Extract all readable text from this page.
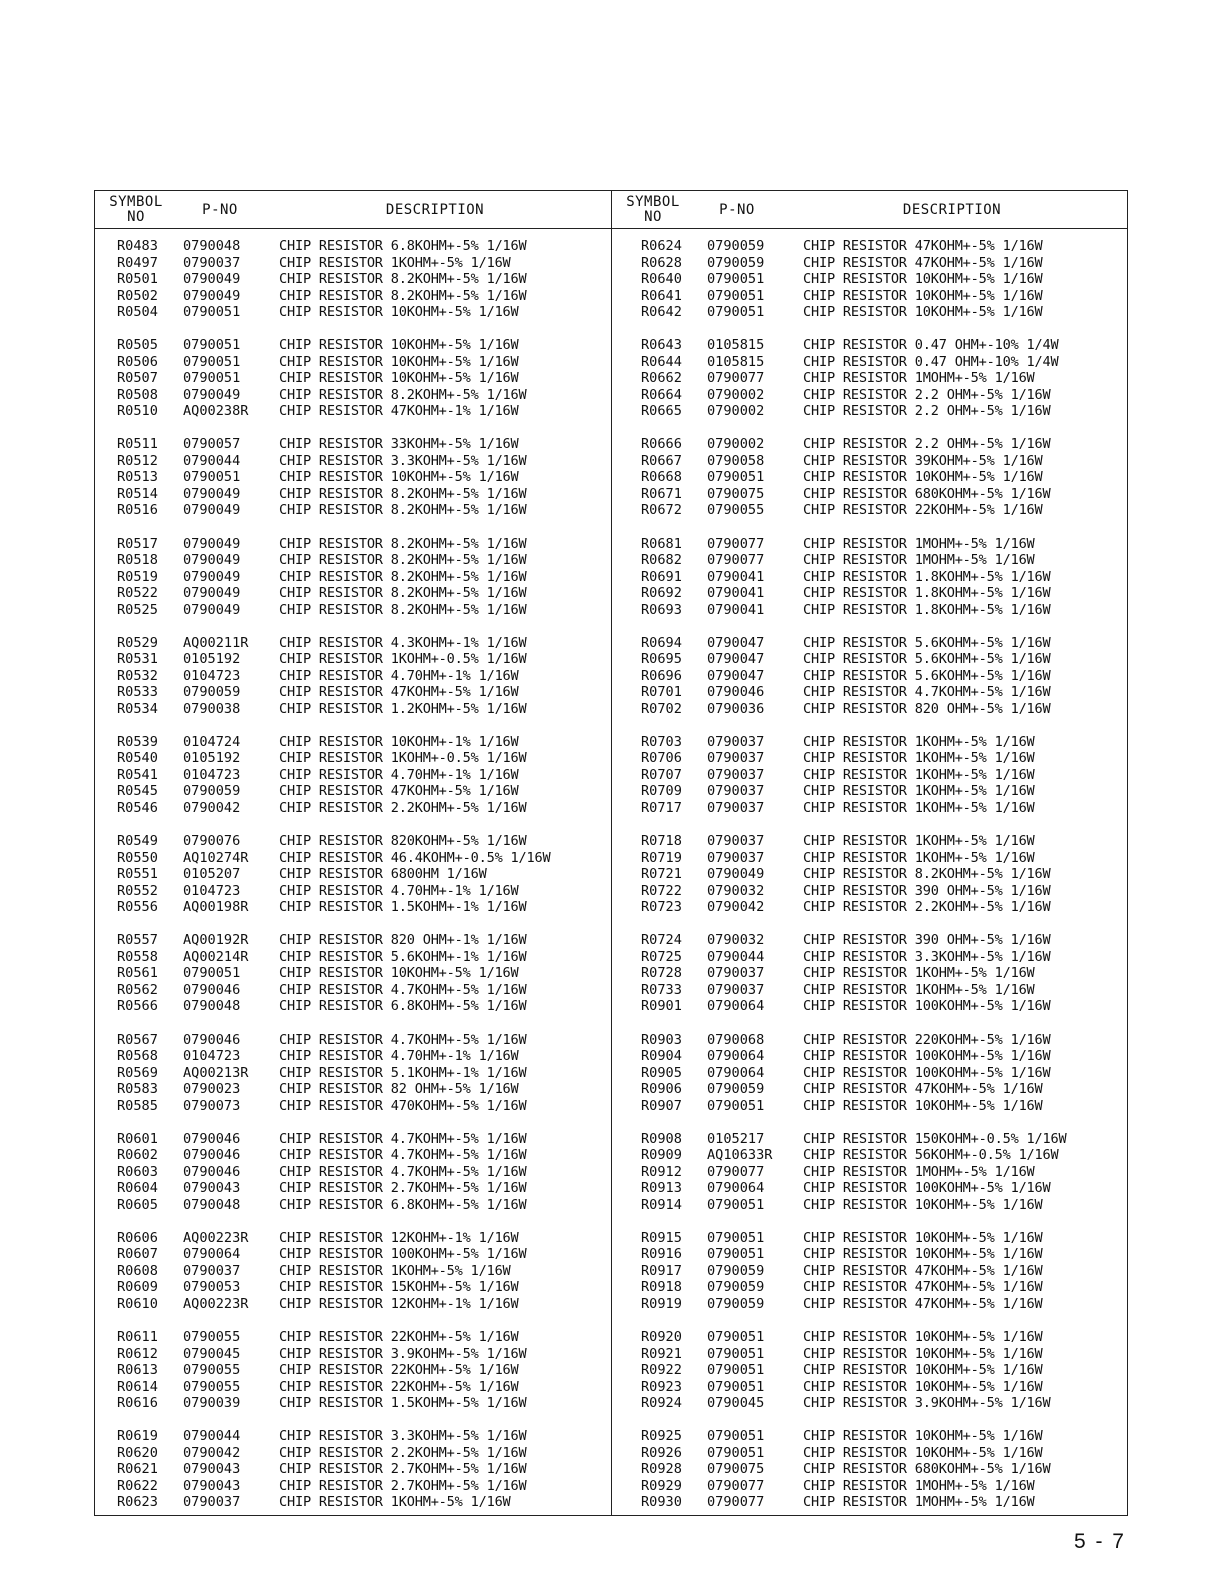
SYMBOL
NO	P-NO	DESCRIPTION	SYMBOL
NO	P-NO	DESCRIPTION
R0483 0790048	CHIP RESISTOR 6.8KOHM+-5% 1/16W
R0497 0790037	CHIP RESISTOR 1KOHM+-5% 1/16W
R0501 0790049	CHIP RESISTOR 8.2KOHM+-5% 1/16W
R0502 0790049	CHIP RESISTOR 8.2KOHM+-5% 1/16W
R0504 0790051	CHIP RESISTOR 10KOHM+-5% 1/16W
R0505 0790051	CHIP RESISTOR 10KOHM+-5% 1/16W
R0506 0790051	CHIP RESISTOR 10KOHM+-5% 1/16W
R0507 0790051	CHIP RESISTOR 10KOHM+-5% 1/16W
R0508 0790049	CHIP RESISTOR 8.2KOHM+-5% 1/16W
R0510 AQ00238R CHIP RESISTOR 47KOHM+-1% 1/16W
R0511 0790057	CHIP RESISTOR 33KOHM+-5% 1/16W
R0512 0790044	CHIP RESISTOR 3.3KOHM+-5% 1/16W
R0513 0790051	CHIP RESISTOR 10KOHM+-5% 1/16W
R0514 0790049	CHIP RESISTOR 8.2KOHM+-5% 1/16W
R0516 0790049	CHIP RESISTOR 8.2KOHM+-5% 1/16W
R0517 0790049	CHIP RESISTOR 8.2KOHM+-5% 1/16W
R0518 0790049	CHIP RESISTOR 8.2KOHM+-5% 1/16W
R0519 0790049	CHIP RESISTOR 8.2KOHM+-5% 1/16W
R0522 0790049	CHIP RESISTOR 8.2KOHM+-5% 1/16W
R0525 0790049	CHIP RESISTOR 8.2KOHM+-5% 1/16W
R0529 AQ00211R CHIP RESISTOR 4.3KOHM+-1% 1/16W
R0531 0105192	CHIP RESISTOR 1KOHM+-0.5% 1/16W
R0532 0104723	CHIP RESISTOR 4.70HM+-1% 1/16W
R0533 0790059	CHIP RESISTOR 47KOHM+-5% 1/16W
R0534 0790038	CHIP RESISTOR 1.2KOHM+-5% 1/16W
R0539 0104724	CHIP RESISTOR 10KOHM+-1% 1/16W
R0540 0105192	CHIP RESISTOR 1KOHM+-0.5% 1/16W
R0541 0104723	CHIP RESISTOR 4.70HM+-1% 1/16W
R0545 0790059	CHIP RESISTOR 47KOHM+-5% 1/16W
R0546 0790042	CHIP RESISTOR 2.2KOHM+-5% 1/16W
R0549 0790076	CHIP RESISTOR 820KOHM+-5% 1/16W
R0550 AQ10274R CHIP RESISTOR 46.4KOHM+-0.5% 1/16W
R0551 0105207	CHIP RESISTOR 6800HM 1/16W
R0552 0104723	CHIP RESISTOR 4.70HM+-1% 1/16W
R0556 AQ00198R CHIP RESISTOR 1.5KOHM+-1% 1/16W
R0557 AQ00192R CHIP RESISTOR 820 OHM+-1% 1/16W
R0558 AQ00214R CHIP RESISTOR 5.6KOHM+-1% 1/16W
R0561 0790051	CHIP RESISTOR 10KOHM+-5% 1/16W
R0562 0790046	CHIP RESISTOR 4.7KOHM+-5% 1/16W
R0566 0790048	CHIP RESISTOR 6.8KOHM+-5% 1/16W
R0567 0790046	CHIP RESISTOR 4.7KOHM+-5% 1/16W
R0568 0104723	CHIP RESISTOR 4.70HM+-1% 1/16W
R0569 AQ00213R CHIP RESISTOR 5.1KOHM+-1% 1/16W
R0583 0790023	CHIP RESISTOR 82 OHM+-5% 1/16W
R0585 0790073	CHIP RESISTOR 470KOHM+-5% 1/16W
R0601 0790046	CHIP RESISTOR 4.7KOHM+-5% 1/16W
R0602 0790046	CHIP RESISTOR 4.7KOHM+-5% 1/16W
R0603 0790046	CHIP RESISTOR 4.7KOHM+-5% 1/16W
R0604 0790043	CHIP RESISTOR 2.7KOHM+-5% 1/16W
R0605 0790048	CHIP RESISTOR 6.8KOHM+-5% 1/16W
R0606 AQ00223R CHIP RESISTOR 12KOHM+-1% 1/16W
R0607 0790064	CHIP RESISTOR 100KOHM+-5% 1/16W
R0608 0790037	CHIP RESISTOR 1KOHM+-5% 1/16W
R0609 0790053	CHIP RESISTOR 15KOHM+-5% 1/16W
R0610 AQ00223R CHIP RESISTOR 12KOHM+-1% 1/16W
R0611 0790055	CHIP RESISTOR 22KOHM+-5% 1/16W
R0612 0790045	CHIP RESISTOR 3.9KOHM+-5% 1/16W
R0613 0790055	CHIP RESISTOR 22KOHM+-5% 1/16W
R0614 0790055	CHIP RESISTOR 22KOHM+-5% 1/16W
R0616 0790039	CHIP RESISTOR 1.5KOHM+-5% 1/16W
R0619 0790044	CHIP RESISTOR 3.3KOHM+-5% 1/16W
R0620 0790042	CHIP RESISTOR 2.2KOHM+-5% 1/16W
R0621 0790043	CHIP RESISTOR 2.7KOHM+-5% 1/16W
R0622 0790043	CHIP RESISTOR 2.7KOHM+-5% 1/16W
R0623 0790037	CHIP RESISTOR 1KOHM+-5% 1/16W
R0624 0790059	CHIP RESISTOR 47KOHM+-5% 1/16W
R0628 0790059	CHIP RESISTOR 47KOHM+-5% 1/16W
R0640 0790051	CHIP RESISTOR 10KOHM+-5% 1/16W
R0641 0790051	CHIP RESISTOR 10KOHM+-5% 1/16W
R0642 0790051	CHIP RESISTOR 10KOHM+-5% 1/16W
R0643 0105815	CHIP RESISTOR 0.47 OHM+-10% 1/4W
R0644 0105815	CHIP RESISTOR 0.47 OHM+-10% 1/4W
R0662 0790077	CHIP RESISTOR 1MOHM+-5% 1/16W
R0664 0790002	CHIP RESISTOR 2.2 OHM+-5% 1/16W
R0665 0790002	CHIP RESISTOR 2.2 OHM+-5% 1/16W
R0666 0790002	CHIP RESISTOR 2.2 OHM+-5% 1/16W
R0667 0790058	CHIP RESISTOR 39KOHM+-5% 1/16W
R0668 0790051	CHIP RESISTOR 10KOHM+-5% 1/16W
R0671 0790075	CHIP RESISTOR 680KOHM+-5% 1/16W
R0672 0790055	CHIP RESISTOR 22KOHM+-5% 1/16W
R0681 0790077	CHIP RESISTOR 1MOHM+-5% 1/16W
R0682 0790077	CHIP RESISTOR 1MOHM+-5% 1/16W
R0691 0790041	CHIP RESISTOR 1.8KOHM+-5% 1/16W
R0692 0790041	CHIP RESISTOR 1.8KOHM+-5% 1/16W
R0693 0790041	CHIP RESISTOR 1.8KOHM+-5% 1/16W
R0694 0790047	CHIP RESISTOR 5.6KOHM+-5% 1/16W
R0695 0790047	CHIP RESISTOR 5.6KOHM+-5% 1/16W
R0696 0790047	CHIP RESISTOR 5.6KOHM+-5% 1/16W
R0701 0790046	CHIP RESISTOR 4.7KOHM+-5% 1/16W
R0702 0790036	CHIP RESISTOR 820 OHM+-5% 1/16W
R0703 0790037	CHIP RESISTOR 1KOHM+-5% 1/16W
R0706 0790037	CHIP RESISTOR 1KOHM+-5% 1/16W
R0707 0790037	CHIP RESISTOR 1KOHM+-5% 1/16W
R0709 0790037	CHIP RESISTOR 1KOHM+-5% 1/16W
R0717 0790037	CHIP RESISTOR 1KOHM+-5% 1/16W
R0718 0790037	CHIP RESISTOR 1KOHM+-5% 1/16W
R0719 0790037	CHIP RESISTOR 1KOHM+-5% 1/16W
R0721 0790049	CHIP RESISTOR 8.2KOHM+-5% 1/16W
R0722 0790032	CHIP RESISTOR 390 OHM+-5% 1/16W
R0723 0790042	CHIP RESISTOR 2.2KOHM+-5% 1/16W
R0724 0790032	CHIP RESISTOR 390 OHM+-5% 1/16W
R0725 0790044	CHIP RESISTOR 3.3KOHM+-5% 1/16W
R0728 0790037	CHIP RESISTOR 1KOHM+-5% 1/16W
R0733 0790037	CHIP RESISTOR 1KOHM+-5% 1/16W
R0901 0790064	CHIP RESISTOR 100KOHM+-5% 1/16W
R0903 0790068	CHIP RESISTOR 220KOHM+-5% 1/16W
R0904 0790064	CHIP RESISTOR 100KOHM+-5% 1/16W
R0905 0790064	CHIP RESISTOR 100KOHM+-5% 1/16W
R0906 0790059	CHIP RESISTOR 47KOHM+-5% 1/16W
R0907 0790051	CHIP RESISTOR 10KOHM+-5% 1/16W
R0908 0105217	CHIP RESISTOR 150KOHM+-0.5% 1/16W
R0909 AQ10633R CHIP RESISTOR 56KOHM+-0.5% 1/16W
R0912 0790077	CHIP RESISTOR 1MOHM+-5% 1/16W
R0913 0790064	CHIP RESISTOR 100KOHM+-5% 1/16W
R0914 0790051	CHIP RESISTOR 10KOHM+-5% 1/16W
R0915 0790051	CHIP RESISTOR 10KOHM+-5% 1/16W
R0916 0790051	CHIP RESISTOR 10KOHM+-5% 1/16W
R0917 0790059	CHIP RESISTOR 47KOHM+-5% 1/16W
R0918 0790059	CHIP RESISTOR 47KOHM+-5% 1/16W
R0919 0790059	CHIP RESISTOR 47KOHM+-5% 1/16W
R0920 0790051	CHIP RESISTOR 10KOHM+-5% 1/16W
R0921 0790051	CHIP RESISTOR 10KOHM+-5% 1/16W
R0922 0790051	CHIP RESISTOR 10KOHM+-5% 1/16W
R0923 0790051	CHIP RESISTOR 10KOHM+-5% 1/16W
R0924 0790045	CHIP RESISTOR 3.9KOHM+-5% 1/16W
R0925 0790051	CHIP RESISTOR 10KOHM+-5% 1/16W
R0926 0790051	CHIP RESISTOR 10KOHM+-5% 1/16W
R0928 0790075	CHIP RESISTOR 680KOHM+-5% 1/16W
R0929 0790077	CHIP RESISTOR 1MOHM+-5% 1/16W
R0930 0790077	CHIP RESISTOR 1MOHM+-5% 1/16W
5 - 7
